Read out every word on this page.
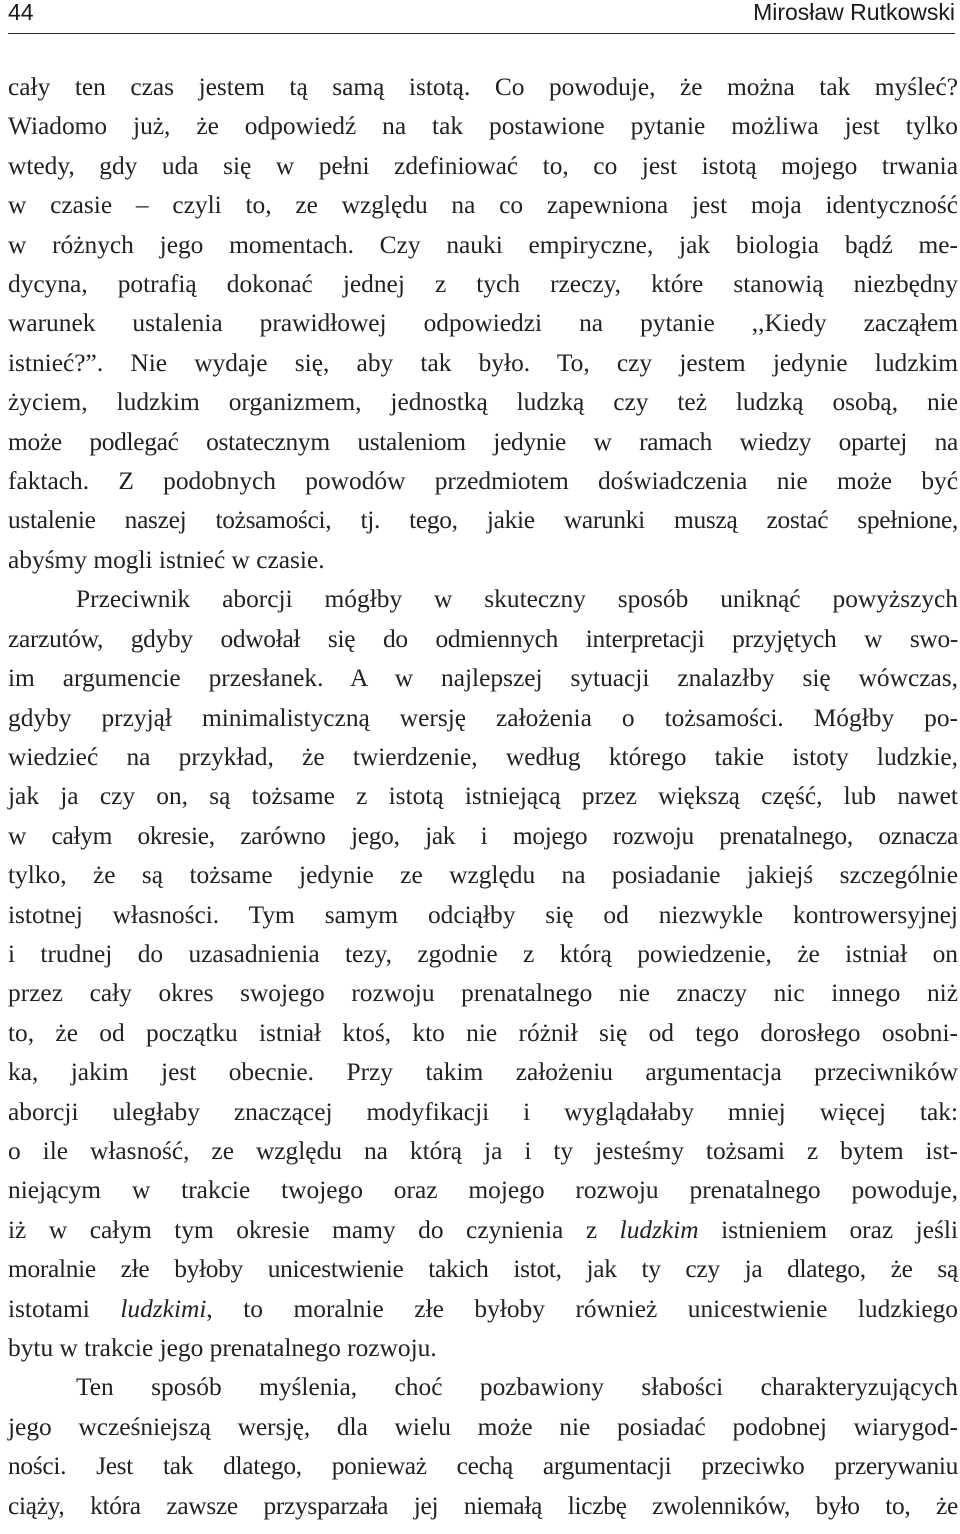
44	Mirosław Rutkowski

cały ten czas jestem tą samą istotą. Co powoduje, że można tak myśleć?

Wiadomo już, że odpowiedź na tak postawione pytanie możliwa jest tylko

wtedy, gdy uda się w pełni zdefiniować to, co jest istotą mojego trwania

w czasie – czyli to, ze względu na co zapewniona jest moja identyczność

w różnych jego momentach. Czy nauki empiryczne, jak biologia bądź me-

dycyna, potrafią dokonać jednej z tych rzeczy, które stanowią niezbędny

warunek ustalenia prawidłowej odpowiedzi na pytanie ,,Kiedy zacząłem

istnieć?”. Nie wydaje się, aby tak było. To, czy jestem jedynie ludzkim

życiem, ludzkim organizmem, jednostką ludzką czy też ludzką osobą, nie

może podlegać ostatecznym ustaleniom jedynie w ramach wiedzy opartej na

faktach. Z podobnych powodów przedmiotem doświadczenia nie może być

ustalenie naszej tożsamości, tj. tego, jakie warunki muszą zostać spełnione,

abyśmy mogli istnieć w czasie.

Przeciwnik aborcji mógłby w skuteczny sposób uniknąć powyższych

zarzutów, gdyby odwołał się do odmiennych interpretacji przyjętych w swo-

im argumencie przesłanek. A w najlepszej sytuacji znalazłby się wówczas,

gdyby przyjął minimalistyczną wersję założenia o tożsamości. Mógłby po-

wiedzieć na przykład, że twierdzenie, według którego takie istoty ludzkie,

jak ja czy on, są tożsame z istotą istniejącą przez większą część, lub nawet

w całym okresie, zarówno jego, jak i mojego rozwoju prenatalnego, oznacza

tylko, że są tożsame jedynie ze względu na posiadanie jakiejś szczególnie

istotnej własności. Tym samym odciąłby się od niezwykle kontrowersyjnej

i trudnej do uzasadnienia tezy, zgodnie z którą powiedzenie, że istniał on

przez cały okres swojego rozwoju prenatalnego nie znaczy nic innego niż

to, że od początku istniał ktoś, kto nie różnił się od tego dorosłego osobni-

ka, jakim jest obecnie. Przy takim założeniu argumentacja przeciwników

aborcji uległaby znaczącej modyfikacji i wyglądałaby mniej więcej tak:

o ile własność, ze względu na którą ja i ty jesteśmy tożsami z bytem ist-

niejącym w trakcie twojego oraz mojego rozwoju prenatalnego powoduje,

iż w całym tym okresie mamy do czynienia z ludzkim istnieniem oraz jeśli

moralnie złe byłoby unicestwienie takich istot, jak ty czy ja dlatego, że są

istotami ludzkimi, to moralnie złe byłoby również unicestwienie ludzkiego

bytu w trakcie jego prenatalnego rozwoju.

Ten sposób myślenia, choć pozbawiony słabości charakteryzujących

jego wcześniejszą wersję, dla wielu może nie posiadać podobnej wiarygod-

ności. Jest tak dlatego, ponieważ cechą argumentacji przeciwko przerywaniu

ciąży, która zawsze przysparzała jej niemałą liczbę zwolenników, było to, że
